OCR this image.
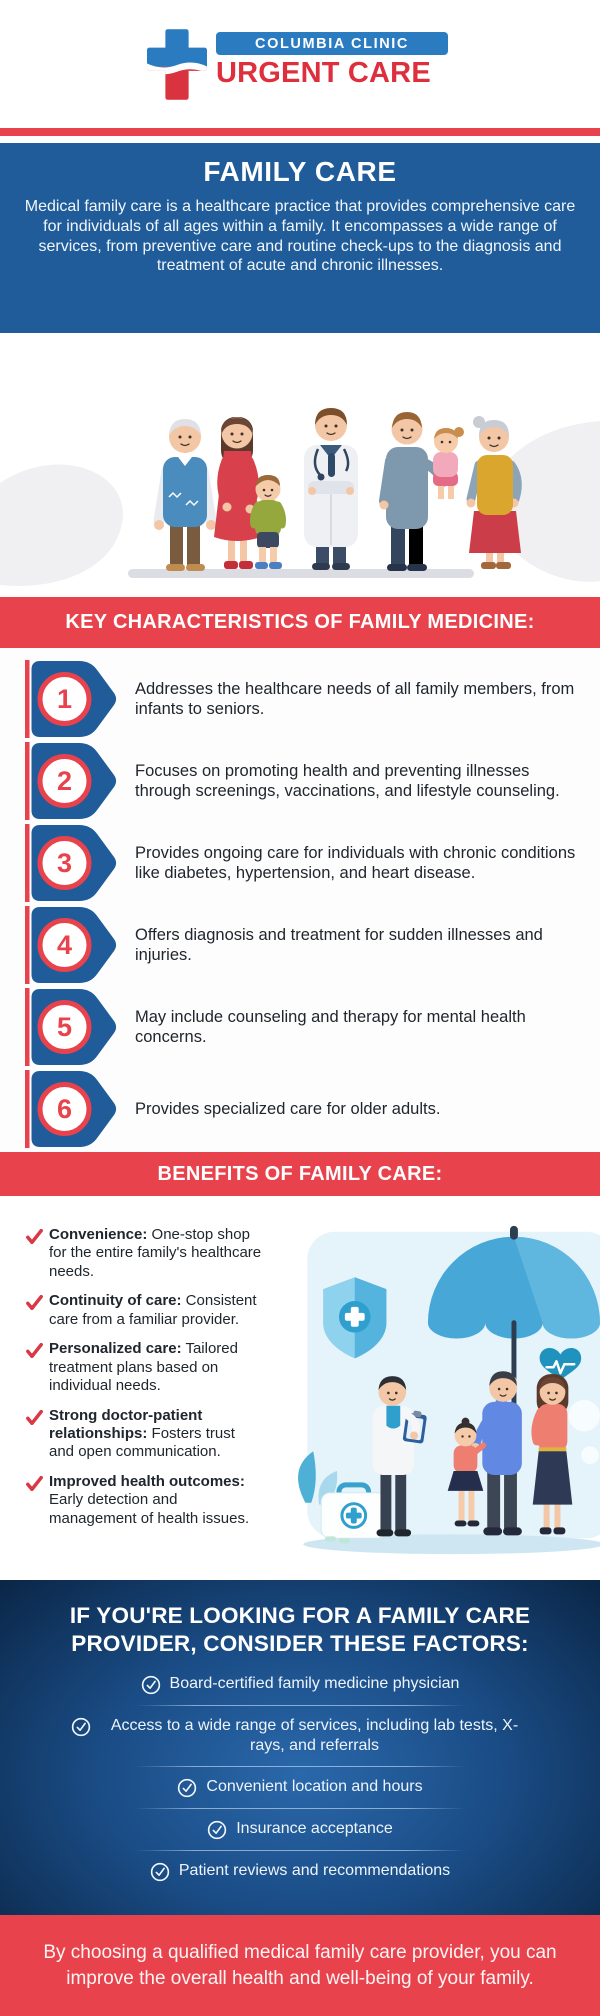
COLUMBIA CLINIC
URGENT CARE
FAMILY CARE
Medical family care is a healthcare practice that provides comprehensive care for individuals of all ages within a family. It encompasses a wide range of services, from preventive care and routine check-ups to the diagnosis and treatment of acute and chronic illnesses.
KEY CHARACTERISTICS OF FAMILY MEDICINE:
1	Addresses the healthcare needs of all family members, from infants to seniors.
2	Focuses on promoting health and preventing illnesses through screenings, vaccinations, and lifestyle counseling.
3	Provides ongoing care for individuals with chronic conditions like diabetes, hypertension, and heart disease.
4	Offers diagnosis and treatment for sudden illnesses and injuries.
5	May include counseling and therapy for mental health concerns.
6	Provides specialized care for older adults.
BENEFITS OF FAMILY CARE:
Convenience: One-stop shop for the entire family's healthcare needs.
Continuity of care: Consistent care from a familiar provider.
Personalized care: Tailored treatment plans based on individual needs.
Strong doctor-patient relationships: Fosters trust and open communication.
Improved health outcomes: Early detection and management of health issues.
IF YOU'RE LOOKING FOR A FAMILY CARE PROVIDER, CONSIDER THESE FACTORS:
Board-certified family medicine physician
Access to a wide range of services, including lab tests, X-rays, and referrals
Convenient location and hours
Insurance acceptance
Patient reviews and recommendations
By choosing a qualified medical family care provider, you can improve the overall health and well-being of your family.
